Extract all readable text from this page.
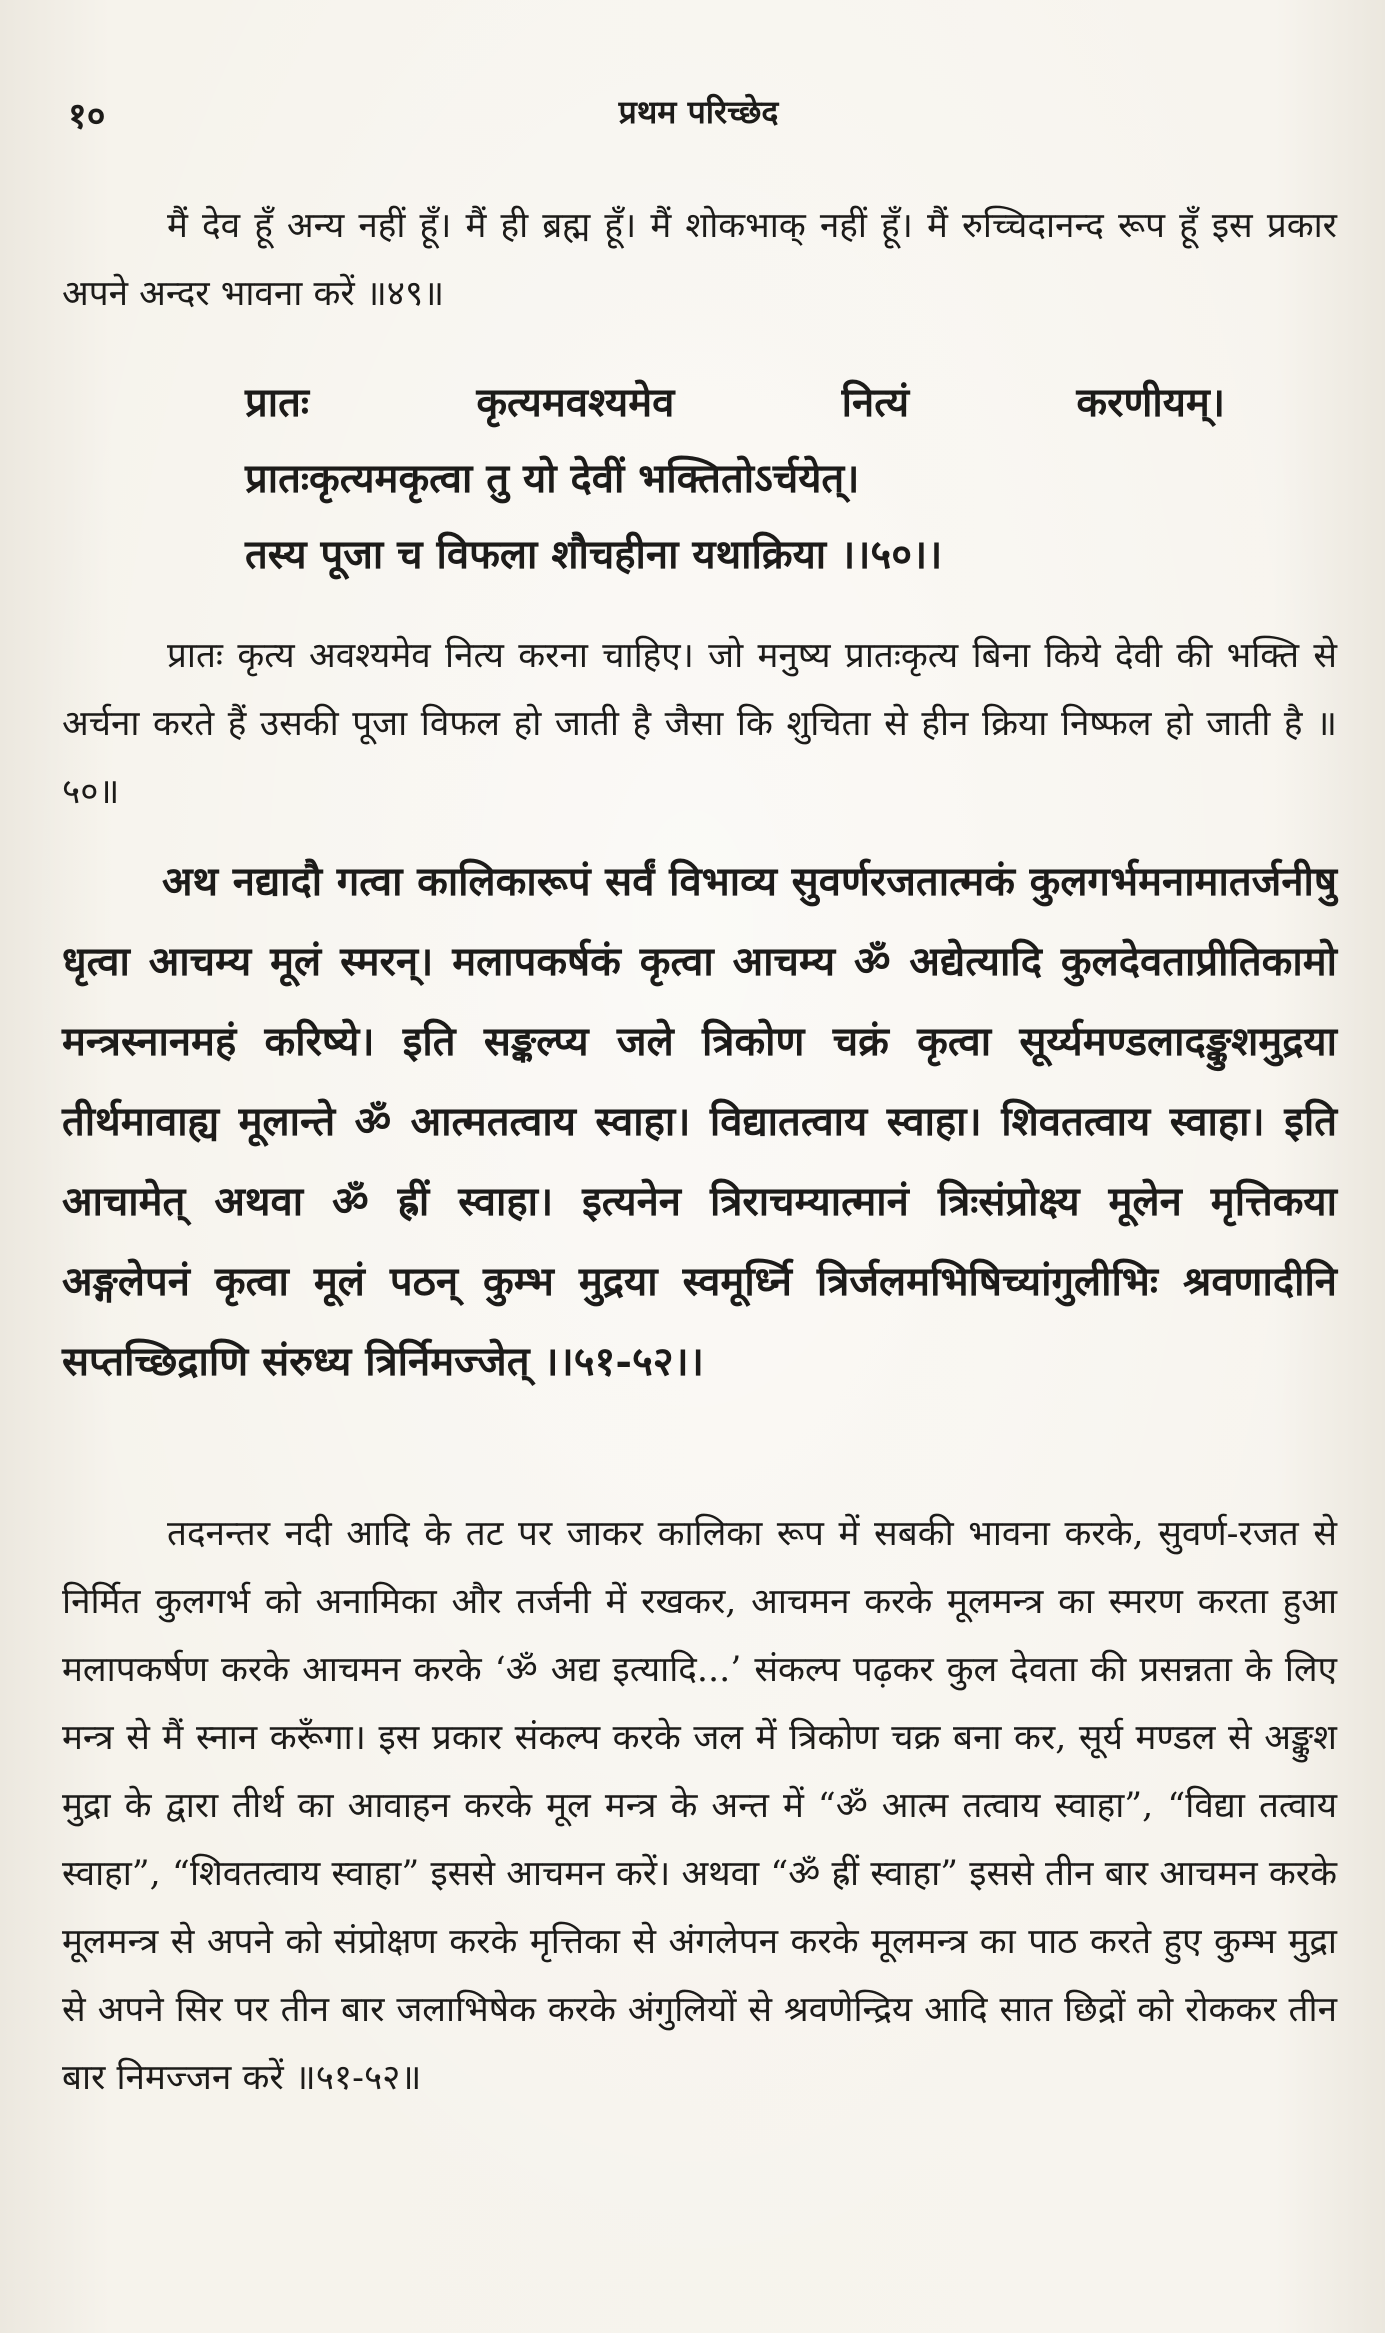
१०	प्रथम परिच्छेद

मैं देव हूँ अन्य नहीं हूँ। मैं ही ब्रह्म हूँ। मैं शोकभाक् नहीं हूँ। मैं रुच्चिदानन्द रूप हूँ इस प्रकार अपने अन्दर भावना करें ॥४९॥

प्रातः	कृत्यमवश्यमेव	नित्यं	करणीयम्।
प्रातःकृत्यमकृत्वा तु यो देवीं भक्तितोऽर्चयेत्।
तस्य पूजा च विफला शौचहीना यथाक्रिया ।।५०।।

प्रातः कृत्य अवश्यमेव नित्य करना चाहिए। जो मनुष्य प्रातःकृत्य बिना किये देवी की भक्ति से अर्चना करते हैं उसकी पूजा विफल हो जाती है जैसा कि शुचिता से हीन क्रिया निष्फल हो जाती है ॥५०॥

अथ नद्यादौ गत्वा कालिकारूपं सर्वं विभाव्य सुवर्णरजतात्मकं कुलगर्भमनामातर्जनीषु धृत्वा आचम्य मूलं स्मरन्। मलापकर्षकं कृत्वा आचम्य ॐ अद्येत्यादि कुलदेवताप्रीतिकामो मन्त्रस्नानमहं करिष्ये। इति सङ्कल्प्य जले त्रिकोण चक्रं कृत्वा सूर्य्यमण्डलादङ्कुशमुद्रया तीर्थमावाह्य मूलान्ते ॐ आत्मतत्वाय स्वाहा। विद्यातत्वाय स्वाहा। शिवतत्वाय स्वाहा। इति आचामेत् अथवा ॐ ह्रीं स्वाहा। इत्यनेन त्रिराचम्यात्मानं त्रिःसंप्रोक्ष्य मूलेन मृत्तिकया अङ्गलेपनं कृत्वा मूलं पठन् कुम्भ मुद्रया स्वमूर्ध्नि त्रिर्जलमभिषिच्यांगुलीभिः श्रवणादीनि सप्तच्छिद्राणि संरुध्य त्रिर्निमज्जेत् ।।५१-५२।।

तदनन्तर नदी आदि के तट पर जाकर कालिका रूप में सबकी भावना करके, सुवर्ण-रजत से निर्मित कुलगर्भ को अनामिका और तर्जनी में रखकर, आचमन करके मूलमन्त्र का स्मरण करता हुआ मलापकर्षण करके आचमन करके ‘ॐ अद्य इत्यादि...’ संकल्प पढ़कर कुल देवता की प्रसन्नता के लिए मन्त्र से मैं स्नान करूँगा। इस प्रकार संकल्प करके जल में त्रिकोण चक्र बना कर, सूर्य मण्डल से अङ्कुश मुद्रा के द्वारा तीर्थ का आवाहन करके मूल मन्त्र के अन्त में “ॐ आत्म तत्वाय स्वाहा”, “विद्या तत्वाय स्वाहा”, “शिवतत्वाय स्वाहा” इससे आचमन करें। अथवा “ॐ ह्रीं स्वाहा” इससे तीन बार आचमन करके मूलमन्त्र से अपने को संप्रोक्षण करके मृत्तिका से अंगलेपन करके मूलमन्त्र का पाठ करते हुए कुम्भ मुद्रा से अपने सिर पर तीन बार जलाभिषेक करके अंगुलियों से श्रवणेन्द्रिय आदि सात छिद्रों को रोककर तीन बार निमज्जन करें ॥५१-५२॥
